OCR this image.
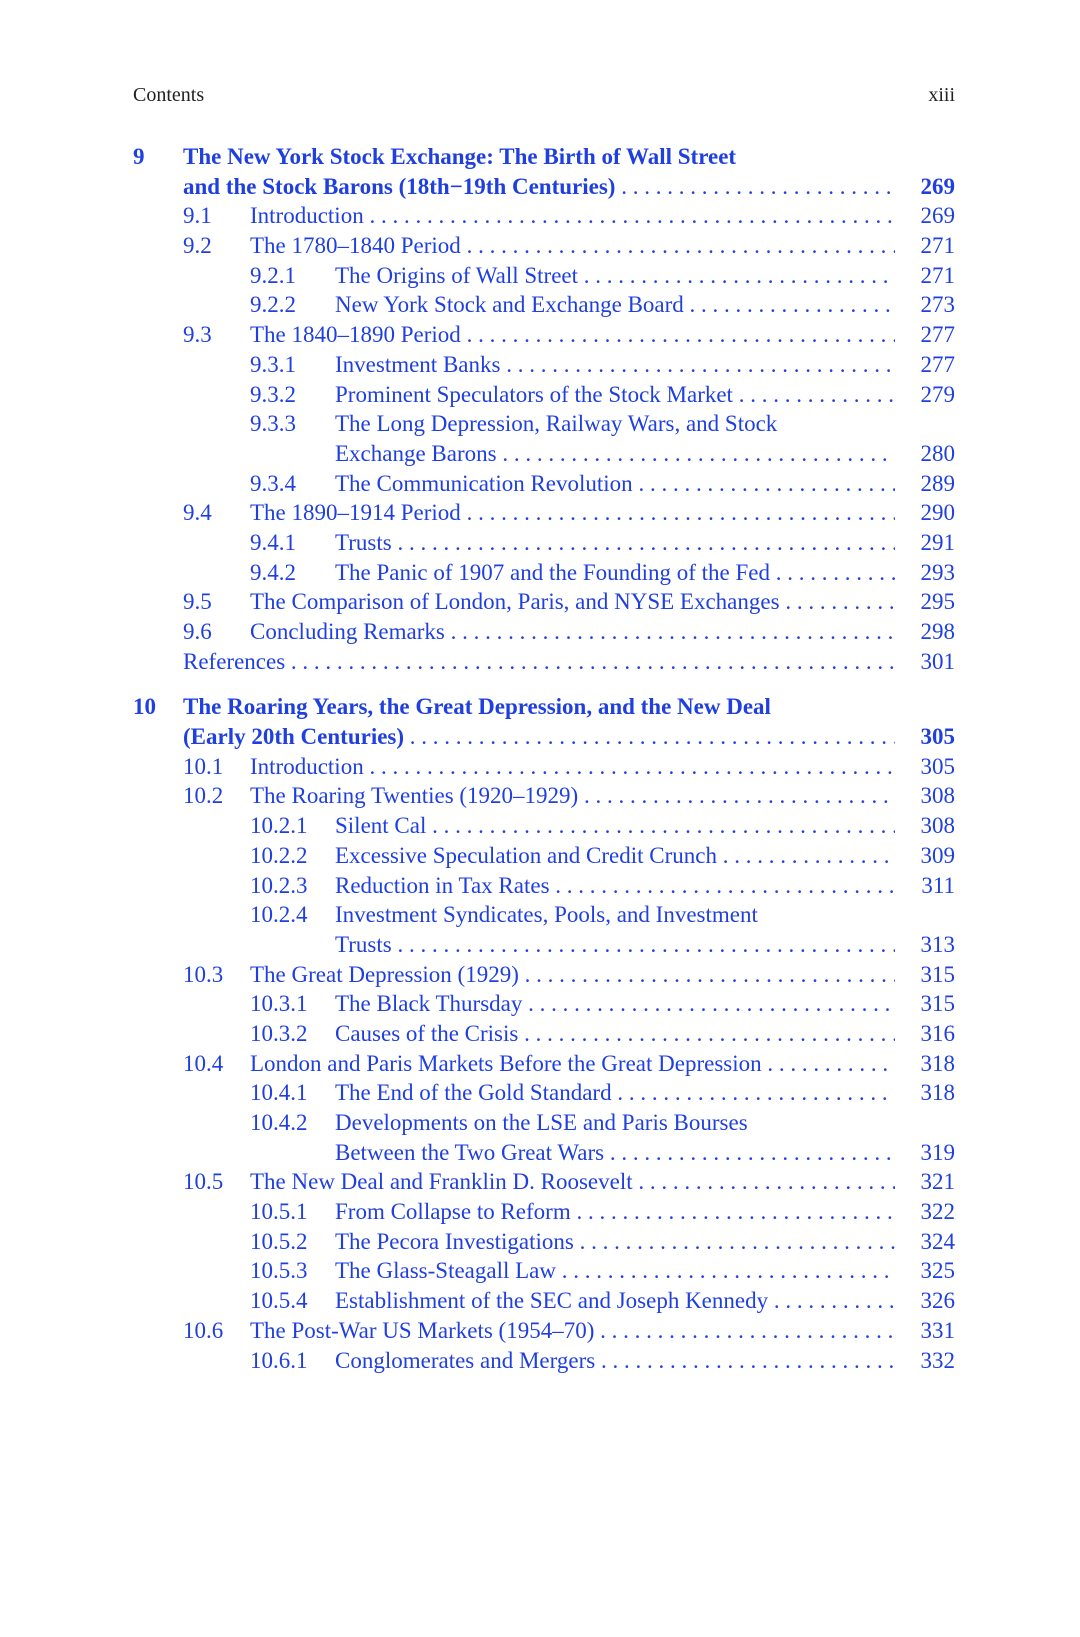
Contents	xiii
9 The New York Stock Exchange: The Birth of Wall Street
and the Stock Barons (18th−19th Centuries) . . .	269
9.1 Introduction . . .	269
9.2 The 1780–1840 Period . . .	271
9.2.1 The Origins of Wall Street . . .	271
9.2.2 New York Stock and Exchange Board . . .	273
9.3 The 1840–1890 Period . . .	277
9.3.1 Investment Banks . . .	277
9.3.2 Prominent Speculators of the Stock Market . . .	279
9.3.3 The Long Depression, Railway Wars, and Stock
Exchange Barons . . .	280
9.3.4 The Communication Revolution . . .	289
9.4 The 1890–1914 Period . . .	290
9.4.1 Trusts . . .	291
9.4.2 The Panic of 1907 and the Founding of the Fed . . .	293
9.5 The Comparison of London, Paris, and NYSE Exchanges . . .	295
9.6 Concluding Remarks . . .	298
References . . .	301
10 The Roaring Years, the Great Depression, and the New Deal
(Early 20th Centuries) . . .	305
10.1 Introduction . . .	305
10.2 The Roaring Twenties (1920–1929) . . .	308
10.2.1 Silent Cal . . .	308
10.2.2 Excessive Speculation and Credit Crunch . . .	309
10.2.3 Reduction in Tax Rates . . .	311
10.2.4 Investment Syndicates, Pools, and Investment
Trusts . . .	313
10.3 The Great Depression (1929) . . .	315
10.3.1 The Black Thursday . . .	315
10.3.2 Causes of the Crisis . . .	316
10.4 London and Paris Markets Before the Great Depression . . .	318
10.4.1 The End of the Gold Standard . . .	318
10.4.2 Developments on the LSE and Paris Bourses
Between the Two Great Wars . . .	319
10.5 The New Deal and Franklin D. Roosevelt . . .	321
10.5.1 From Collapse to Reform . . .	322
10.5.2 The Pecora Investigations . . .	324
10.5.3 The Glass-Steagall Law . . .	325
10.5.4 Establishment of the SEC and Joseph Kennedy . . .	326
10.6 The Post-War US Markets (1954–70) . . .	331
10.6.1 Conglomerates and Mergers . . .	332
